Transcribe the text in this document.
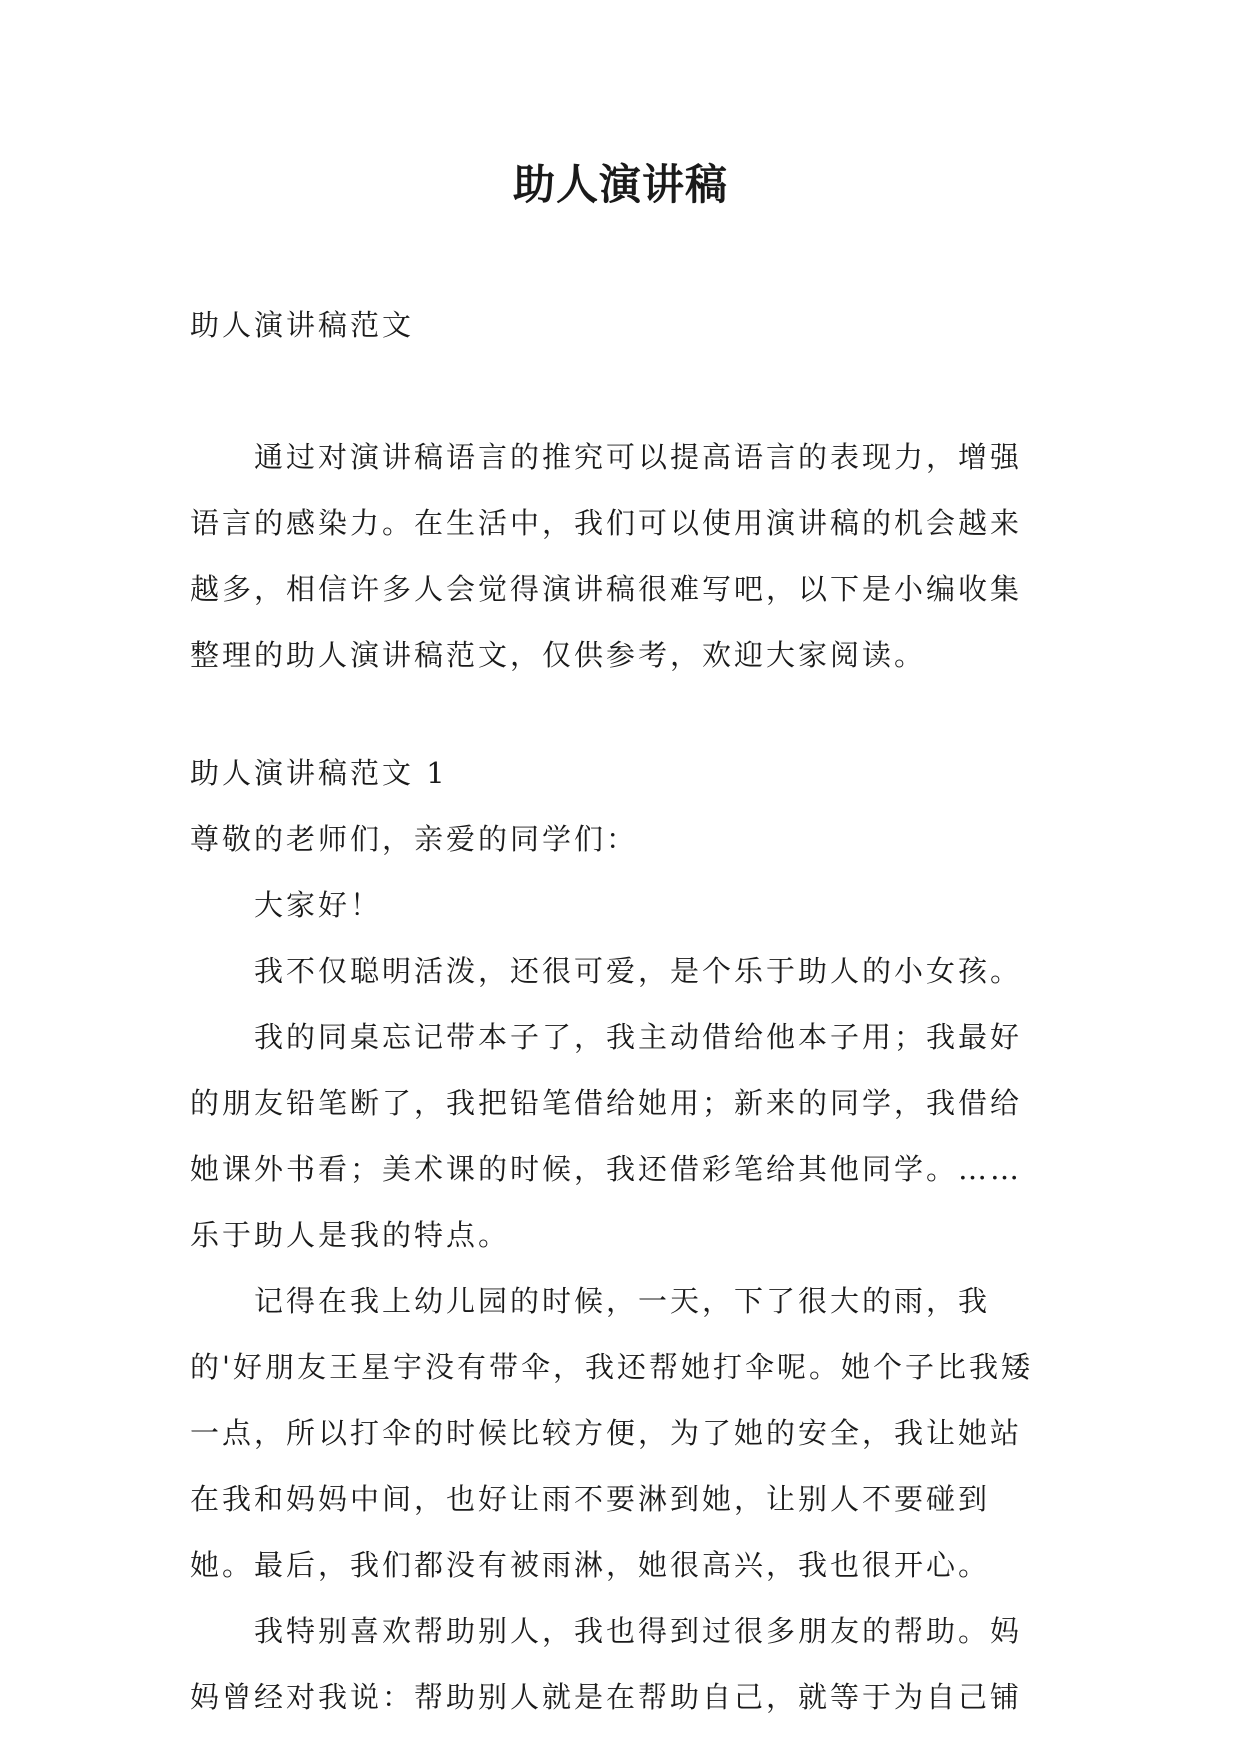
助人演讲稿

助人演讲稿范文

通过对演讲稿语言的推究可以提高语言的表现力，增强语言的感染力。在生活中，我们可以使用演讲稿的机会越来越多，相信许多人会觉得演讲稿很难写吧，以下是小编收集整理的助人演讲稿范文，仅供参考，欢迎大家阅读。

助人演讲稿范文 1

尊敬的老师们，亲爱的同学们：

大家好！

我不仅聪明活泼，还很可爱，是个乐于助人的小女孩。

我的同桌忘记带本子了，我主动借给他本子用；我最好的朋友铅笔断了，我把铅笔借给她用；新来的同学，我借给她课外书看；美术课的时候，我还借彩笔给其他同学。……乐于助人是我的特点。

记得在我上幼儿园的时候，一天，下了很大的雨，我的'好朋友王星宇没有带伞，我还帮她打伞呢。她个子比我矮一点，所以打伞的时候比较方便，为了她的安全，我让她站在我和妈妈中间，也好让雨不要淋到她，让别人不要碰到她。最后，我们都没有被雨淋，她很高兴，我也很开心。

我特别喜欢帮助别人，我也得到过很多朋友的帮助。妈妈曾经对我说：帮助别人就是在帮助自己，就等于为自己铺
